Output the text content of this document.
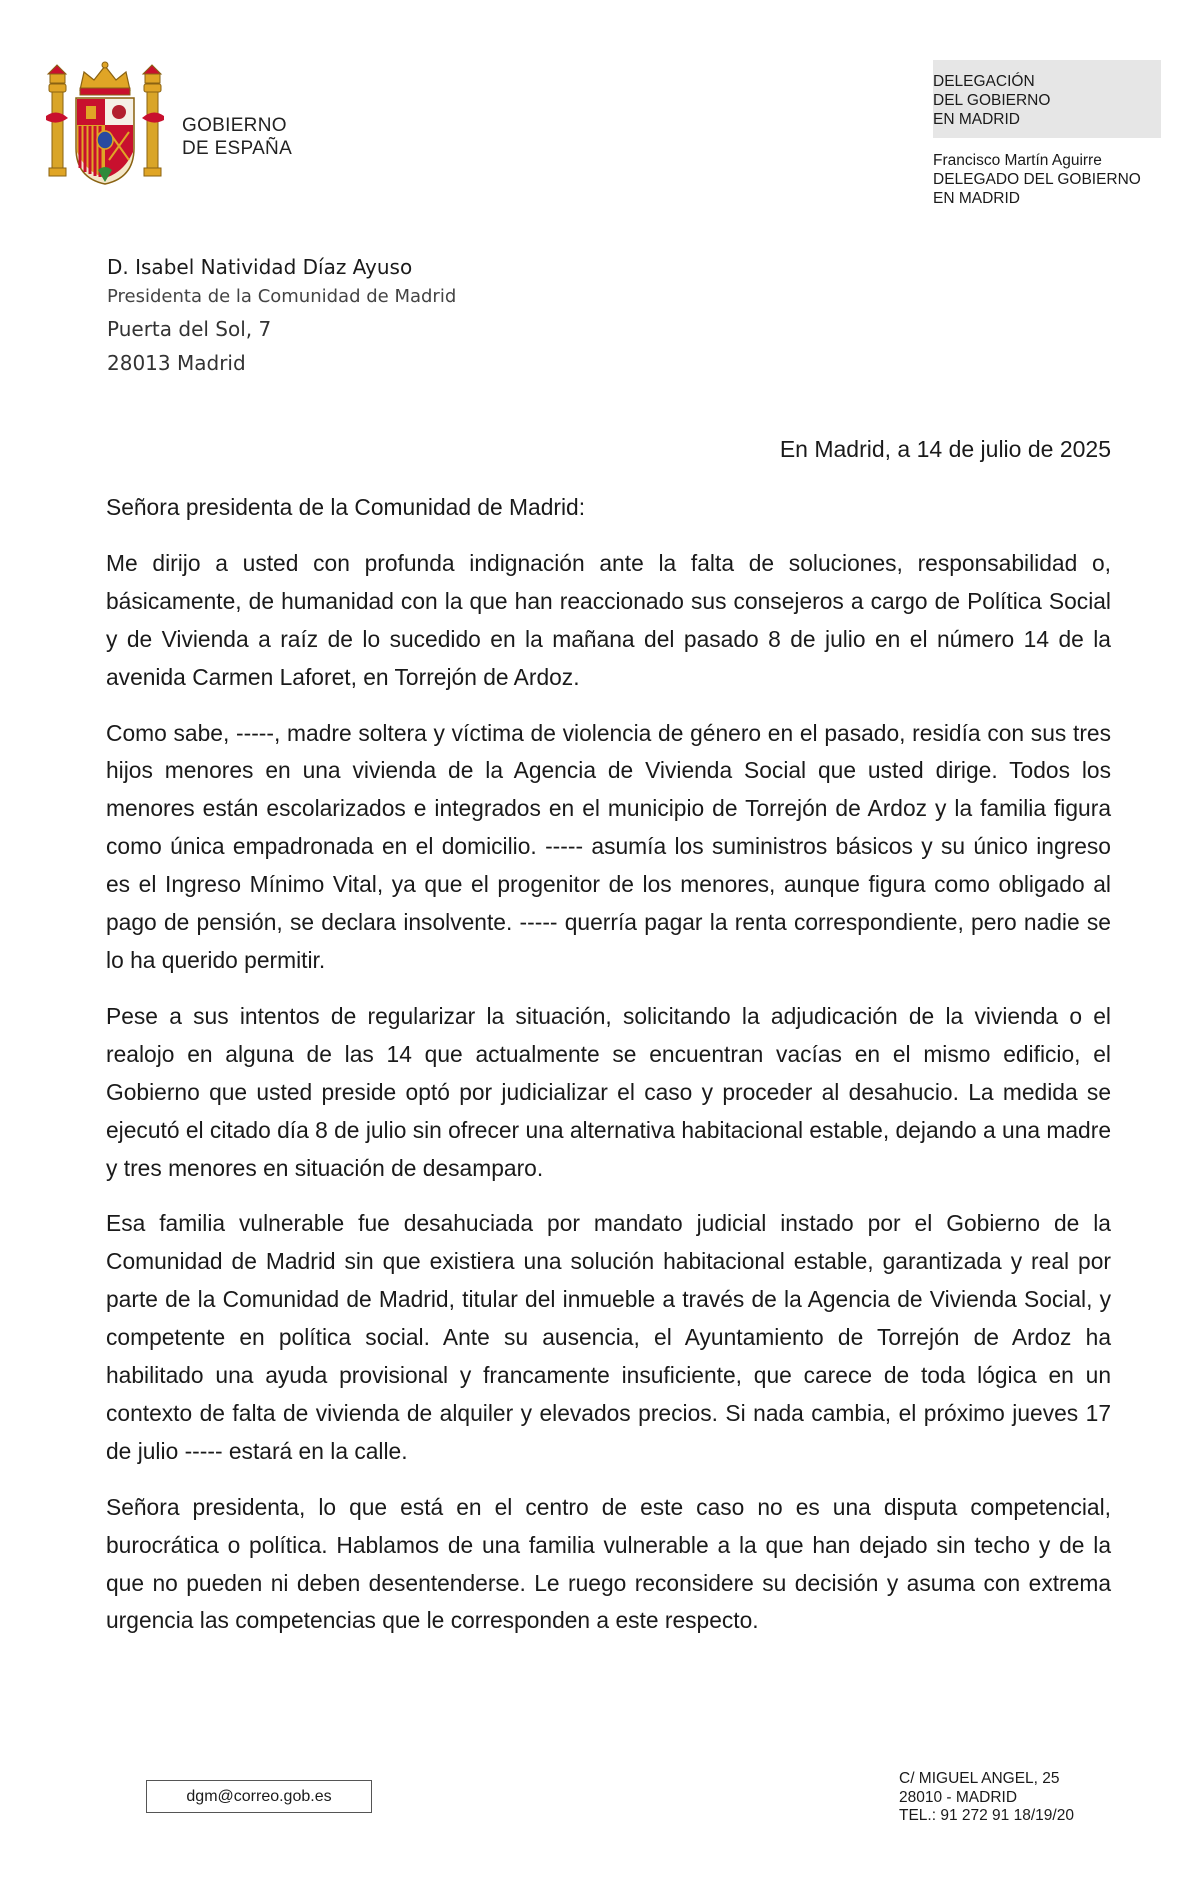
GOBIERNO
DE ESPAÑA
DELEGACIÓN
DEL GOBIERNO
EN MADRID
Francisco Martín Aguirre
DELEGADO DEL GOBIERNO
EN MADRID
D. Isabel Natividad Díaz Ayuso
Presidenta de la Comunidad de Madrid
Puerta del Sol, 7
28013 Madrid
En Madrid, a 14 de julio de 2025

Señora presidenta de la Comunidad de Madrid:

Me dirijo a usted con profunda indignación ante la falta de soluciones, responsabilidad o, básicamente, de humanidad con la que han reaccionado sus consejeros a cargo de Política Social y de Vivienda a raíz de lo sucedido en la mañana del pasado 8 de julio en el número 14 de la avenida Carmen Laforet, en Torrejón de Ardoz.

Como sabe, -----, madre soltera y víctima de violencia de género en el pasado, residía con sus tres hijos menores en una vivienda de la Agencia de Vivienda Social que usted dirige. Todos los menores están escolarizados e integrados en el municipio de Torrejón de Ardoz y la familia figura como única empadronada en el domicilio. ----- asumía los suministros básicos y su único ingreso es el Ingreso Mínimo Vital, ya que el progenitor de los menores, aunque figura como obligado al pago de pensión, se declara insolvente. ----- querría pagar la renta correspondiente, pero nadie se lo ha querido permitir.

Pese a sus intentos de regularizar la situación, solicitando la adjudicación de la vivienda o el realojo en alguna de las 14 que actualmente se encuentran vacías en el mismo edificio, el Gobierno que usted preside optó por judicializar el caso y proceder al desahucio. La medida se ejecutó el citado día 8 de julio sin ofrecer una alternativa habitacional estable, dejando a una madre y tres menores en situación de desamparo.

Esa familia vulnerable fue desahuciada por mandato judicial instado por el Gobierno de la Comunidad de Madrid sin que existiera una solución habitacional estable, garantizada y real por parte de la Comunidad de Madrid, titular del inmueble a través de la Agencia de Vivienda Social, y competente en política social. Ante su ausencia, el Ayuntamiento de Torrejón de Ardoz ha habilitado una ayuda provisional y francamente insuficiente, que carece de toda lógica en un contexto de falta de vivienda de alquiler y elevados precios. Si nada cambia, el próximo jueves 17 de julio ----- estará en la calle.

Señora presidenta, lo que está en el centro de este caso no es una disputa competencial, burocrática o política. Hablamos de una familia vulnerable a la que han dejado sin techo y de la que no pueden ni deben desentenderse. Le ruego reconsidere su decisión y asuma con extrema urgencia las competencias que le corresponden a este respecto.

dgm@correo.gob.es
C/ MIGUEL ANGEL, 25
28010 - MADRID
TEL.: 91 272 91 18/19/20
